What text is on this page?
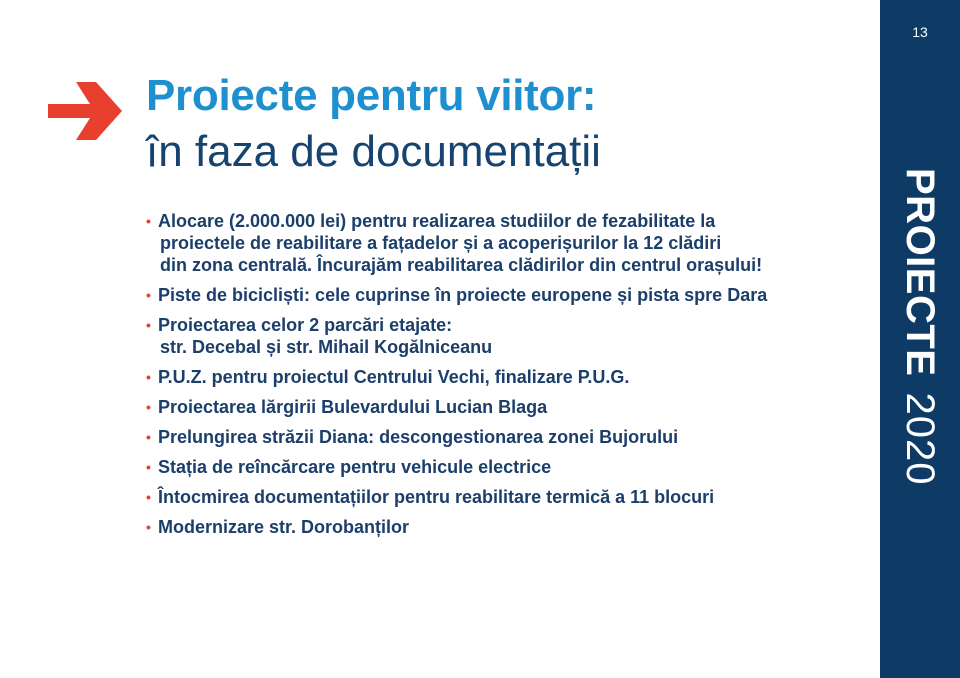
Proiecte pentru viitor:
în faza de documentații
• Alocare (2.000.000 lei) pentru realizarea studiilor de fezabilitate la
proiectele de reabilitare a fațadelor și a acoperișurilor la 12 clădiri
din zona centrală. Încurajăm reabilitarea clădirilor din centrul orașului!
• Piste de bicicliști: cele cuprinse în proiecte europene și pista spre Dara
• Proiectarea celor 2 parcări etajate:
str. Decebal și str. Mihail Kogălniceanu
• P.U.Z. pentru proiectul Centrului Vechi, finalizare P.U.G.
• Proiectarea lărgirii Bulevardului Lucian Blaga
• Prelungirea străzii Diana: descongestionarea zonei Bujorului
• Stația de reîncărcare pentru vehicule electrice
• Întocmirea documentațiilor pentru reabilitare termică a 11 blocuri
• Modernizare str. Dorobanților
13
PROIECTE2020
